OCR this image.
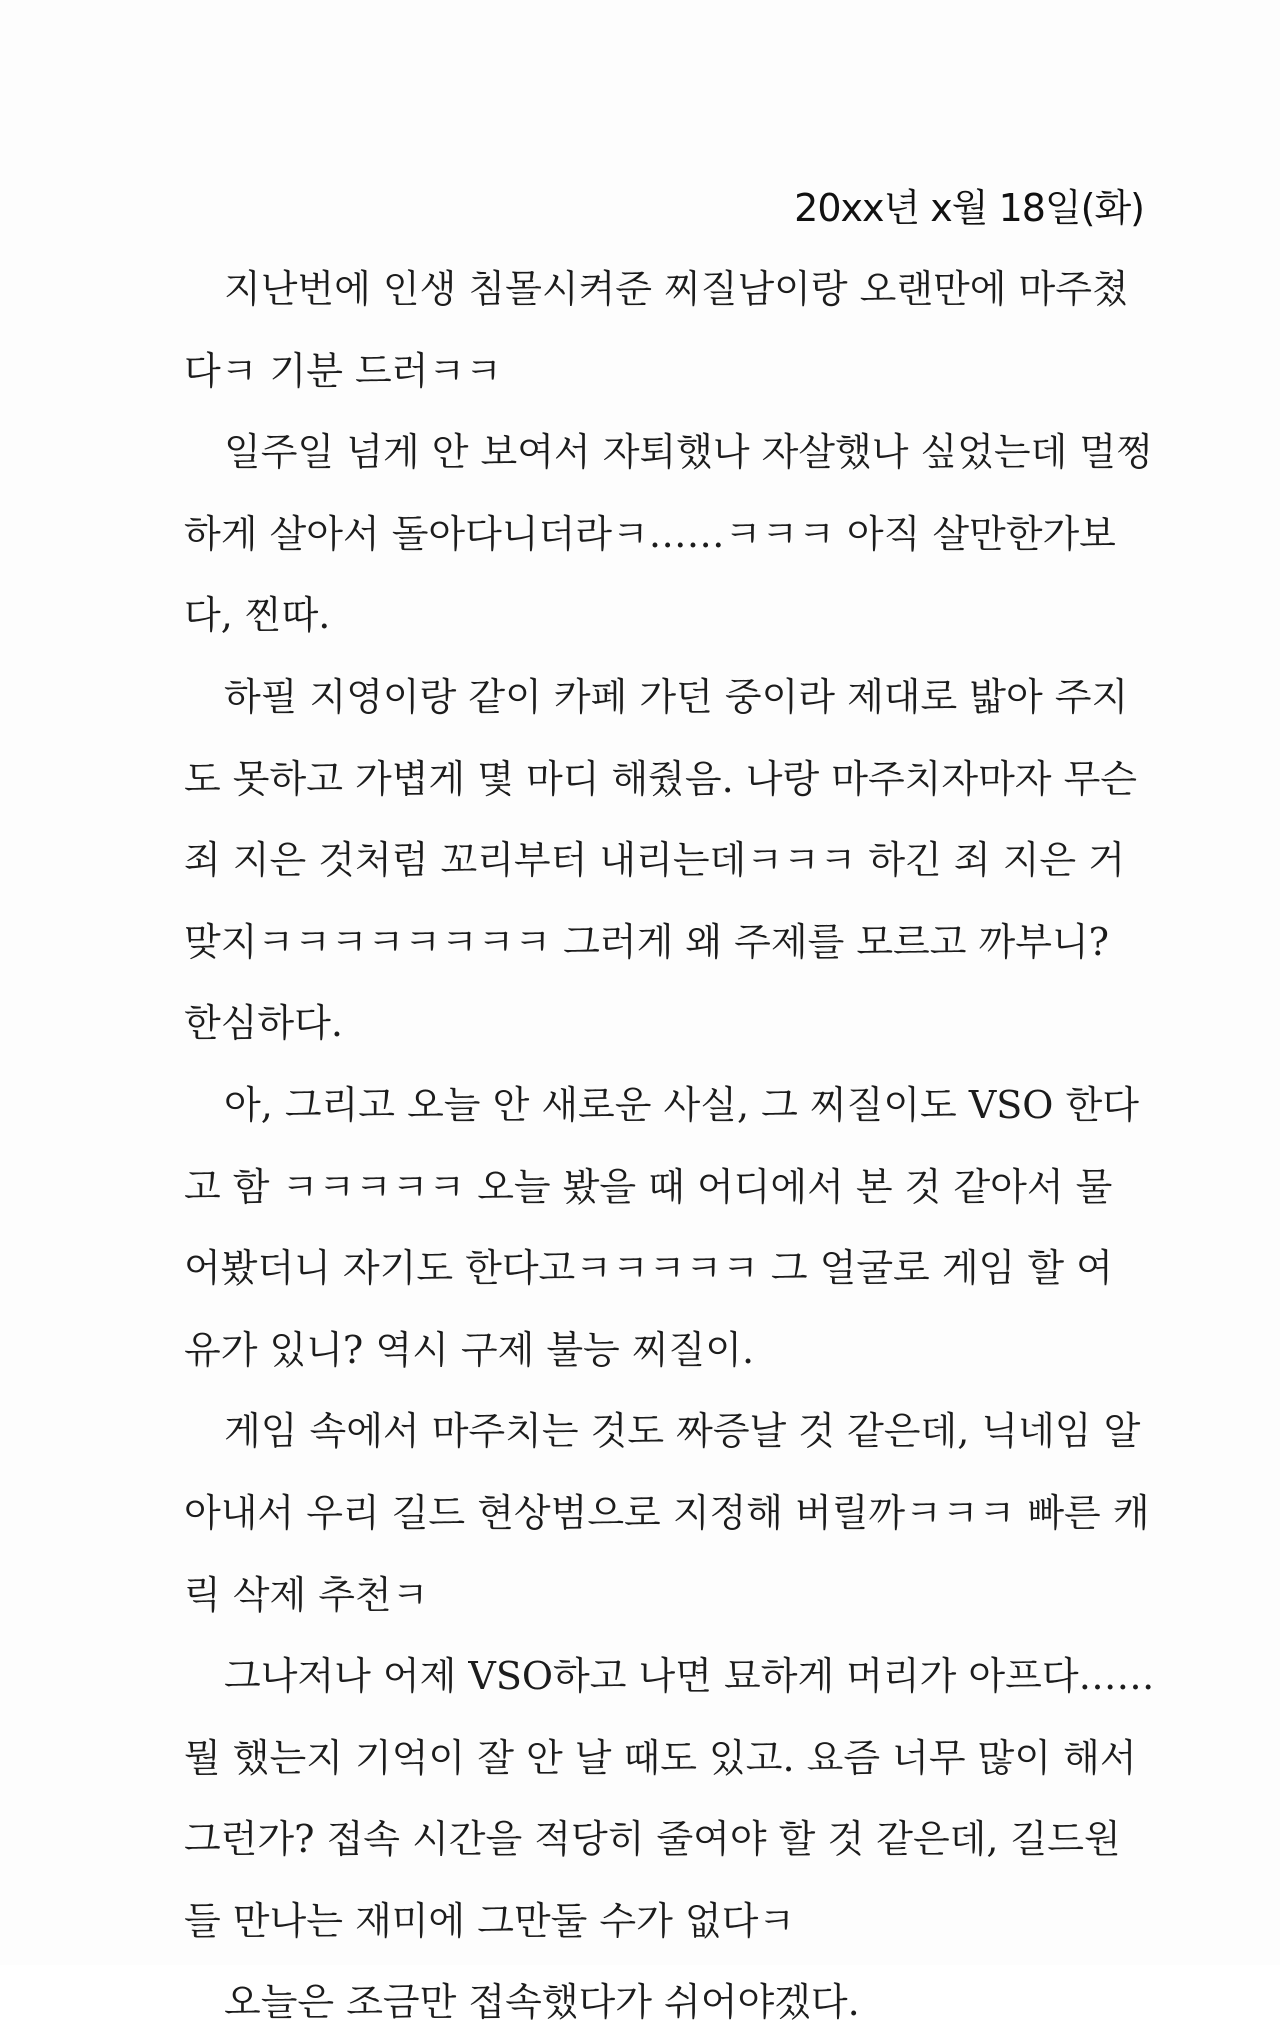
20xx년 x월 18일(화)

지난번에 인생 침몰시켜준 찌질남이랑 오랜만에 마주쳤
다ㅋ 기분 드러ㅋㅋ

일주일 넘게 안 보여서 자퇴했나 자살했나 싶었는데 멀쩡
하게 살아서 돌아다니더라ㅋ……ㅋㅋㅋ 아직 살만한가보
다, 찐따.

하필 지영이랑 같이 카페 가던 중이라 제대로 밟아 주지
도 못하고 가볍게 몇 마디 해줬음. 나랑 마주치자마자 무슨
죄 지은 것처럼 꼬리부터 내리는데ㅋㅋㅋ 하긴 죄 지은 거
맞지ㅋㅋㅋㅋㅋㅋㅋㅋ 그러게 왜 주제를 모르고 까부니?
한심하다.

아, 그리고 오늘 안 새로운 사실, 그 찌질이도 VSO 한다
고 함 ㅋㅋㅋㅋㅋ 오늘 봤을 때 어디에서 본 것 같아서 물
어봤더니 자기도 한다고ㅋㅋㅋㅋㅋ 그 얼굴로 게임 할 여
유가 있니? 역시 구제 불능 찌질이.

게임 속에서 마주치는 것도 짜증날 것 같은데, 닉네임 알
아내서 우리 길드 현상범으로 지정해 버릴까ㅋㅋㅋ 빠른 캐
릭 삭제 추천ㅋ

그나저나 어제 VSO하고 나면 묘하게 머리가 아프다……
뭘 했는지 기억이 잘 안 날 때도 있고. 요즘 너무 많이 해서
그런가? 접속 시간을 적당히 줄여야 할 것 같은데, 길드원
들 만나는 재미에 그만둘 수가 없다ㅋ

오늘은 조금만 접속했다가 쉬어야겠다.
